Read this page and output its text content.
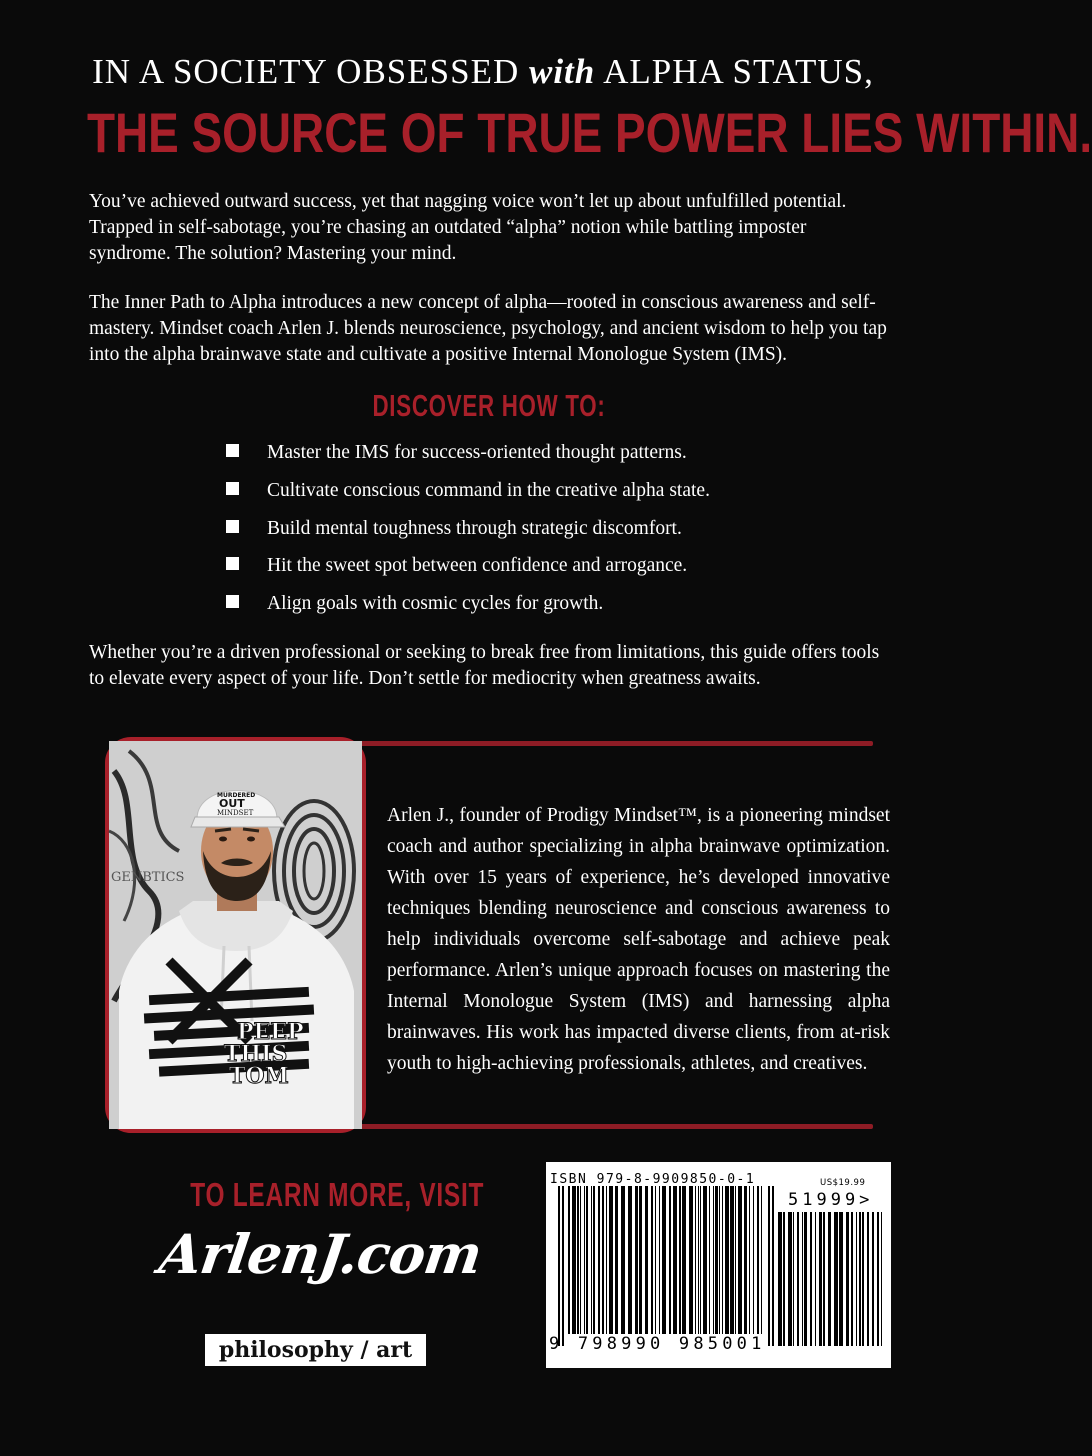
IN A SOCIETY OBSESSED with ALPHA STATUS,
THE SOURCE OF TRUE POWER LIES WITHIN.
You’ve achieved outward success, yet that nagging voice won’t let up about unfulfilled potential. Trapped in self-sabotage, you’re chasing an outdated “alpha” notion while battling imposter syndrome. The solution? Mastering your mind.
The Inner Path to Alpha introduces a new concept of alpha—rooted in conscious awareness and self-mastery. Mindset coach Arlen J. blends neuroscience, psychology, and ancient wisdom to help you tap into the alpha brainwave state and cultivate a positive Internal Monologue System (IMS).
DISCOVER HOW TO:
Master the IMS for success-oriented thought patterns.
Cultivate conscious command in the creative alpha state.
Build mental toughness through strategic discomfort.
Hit the sweet spot between confidence and arrogance.
Align goals with cosmic cycles for growth.
Whether you’re a driven professional or seeking to break free from limitations, this guide offers tools to elevate every aspect of your life. Don’t settle for mediocrity when greatness awaits.
GENBTICS
PEEP
THIS
TOM
MURDERED
OUT
MINDSET	Arlen J., founder of Prodigy Mindset™, is a pioneering mindset coach and author specializing in alpha brainwave optimization. With over 15 years of experience, he’s developed innovative techniques blending neuroscience and conscious awareness to help individuals overcome self-sabotage and achieve peak performance. Arlen’s unique approach focuses on mastering the Internal Monologue System (IMS) and harnessing alpha brainwaves. His work has impacted diverse clients, from at-risk youth to high-achieving professionals, athletes, and creatives.
TO LEARN MORE, VISIT
ArlenJ.com
philosophy / art
ISBN 979-8-9909850-0-1	US$19.99
51999>
9 798990 985001
